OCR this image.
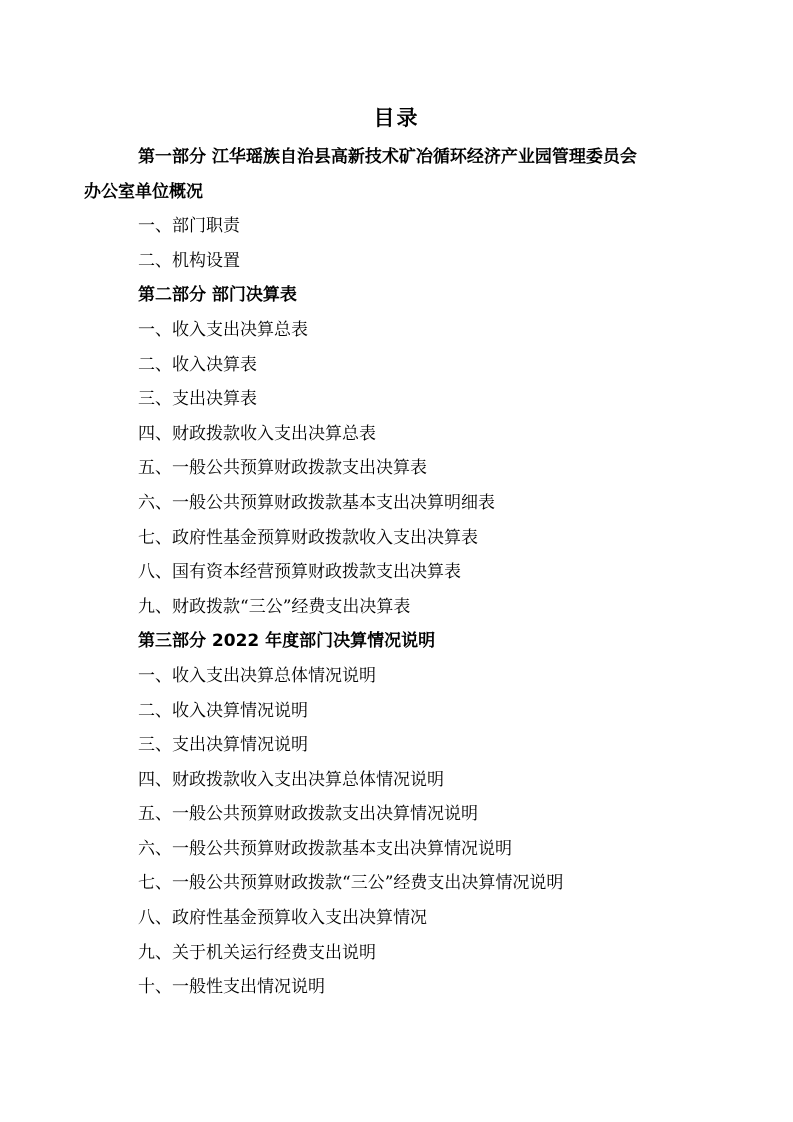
目录
第一部分 江华瑶族自治县高新技术矿冶循环经济产业园管理委员会
办公室单位概况
一、部门职责
二、机构设置
第二部分 部门决算表
一、收入支出决算总表
二、收入决算表
三、支出决算表
四、财政拨款收入支出决算总表
五、一般公共预算财政拨款支出决算表
六、一般公共预算财政拨款基本支出决算明细表
七、政府性基金预算财政拨款收入支出决算表
八、国有资本经营预算财政拨款支出决算表
九、财政拨款“三公”经费支出决算表
第三部分 2022 年度部门决算情况说明
一、收入支出决算总体情况说明
二、收入决算情况说明
三、支出决算情况说明
四、财政拨款收入支出决算总体情况说明
五、一般公共预算财政拨款支出决算情况说明
六、一般公共预算财政拨款基本支出决算情况说明
七、一般公共预算财政拨款“三公”经费支出决算情况说明
八、政府性基金预算收入支出决算情况
九、关于机关运行经费支出说明
十、一般性支出情况说明
